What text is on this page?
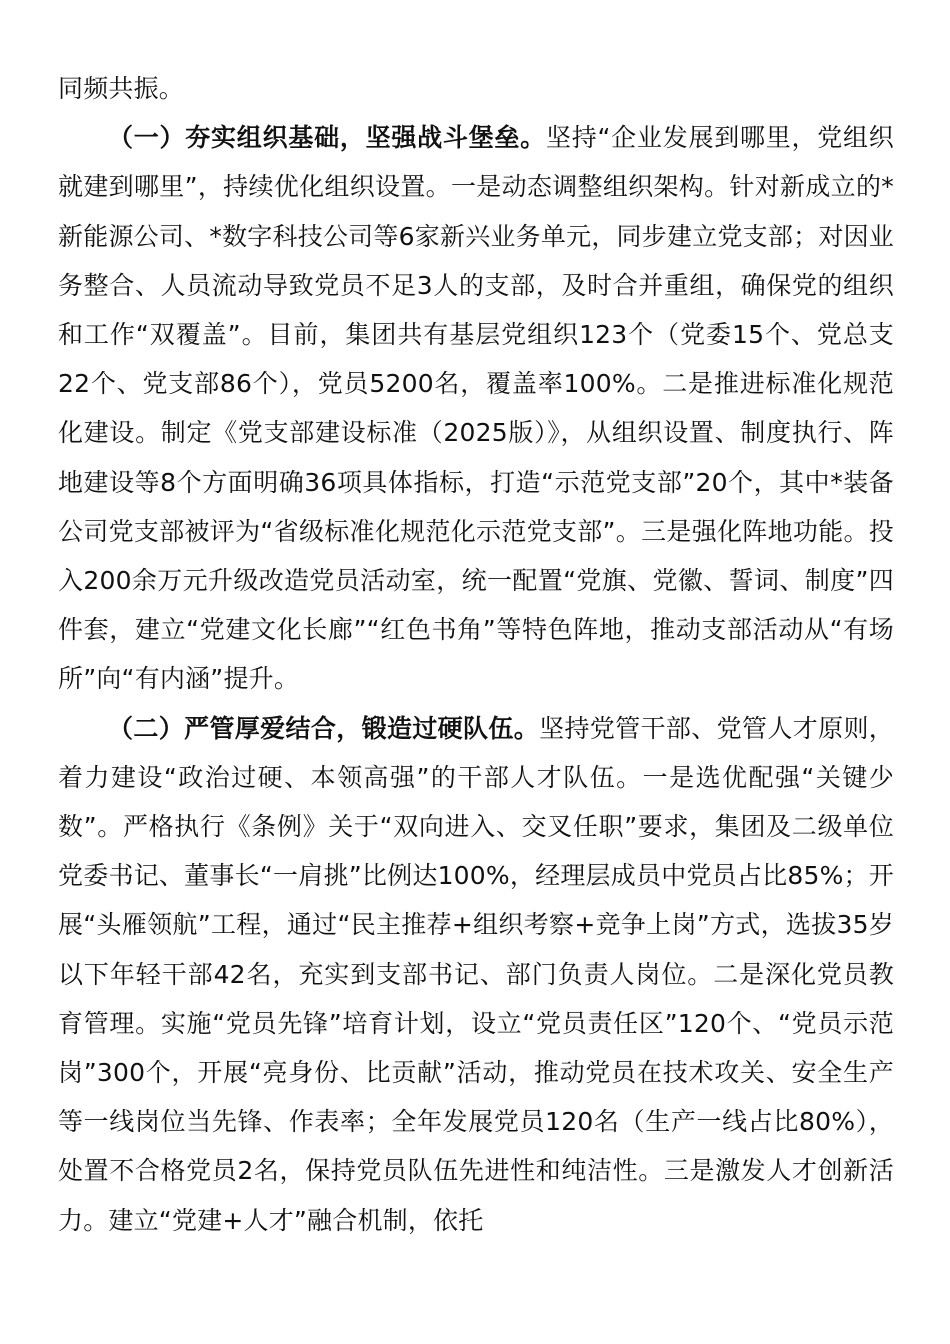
同频共振。

（一）夯实组织基础，坚强战斗堡垒。坚持“企业发展到哪里，党组织就建到哪里”，持续优化组织设置。一是动态调整组织架构。针对新成立的*新能源公司、*数字科技公司等6家新兴业务单元，同步建立党支部；对因业务整合、人员流动导致党员不足3人的支部，及时合并重组，确保党的组织和工作“双覆盖”。目前，集团共有基层党组织123个（党委15个、党总支22个、党支部86个），党员5200名，覆盖率100%。二是推进标准化规范化建设。制定《党支部建设标准（2025版）》，从组织设置、制度执行、阵地建设等8个方面明确36项具体指标，打造“示范党支部”20个，其中*装备公司党支部被评为“省级标准化规范化示范党支部”。三是强化阵地功能。投入200余万元升级改造党员活动室，统一配置“党旗、党徽、誓词、制度”四件套，建立“党建文化长廊”“红色书角”等特色阵地，推动支部活动从“有场所”向“有内涵”提升。

（二）严管厚爱结合，锻造过硬队伍。坚持党管干部、党管人才原则，着力建设“政治过硬、本领高强”的干部人才队伍。一是选优配强“关键少数”。严格执行《条例》关于“双向进入、交叉任职”要求，集团及二级单位党委书记、董事长“一肩挑”比例达100%，经理层成员中党员占比85%；开展“头雁领航”工程，通过“民主推荐+组织考察+竞争上岗”方式，选拔35岁以下年轻干部42名，充实到支部书记、部门负责人岗位。二是深化党员教育管理。实施“党员先锋”培育计划，设立“党员责任区”120个、“党员示范岗”300个，开展“亮身份、比贡献”活动，推动党员在技术攻关、安全生产等一线岗位当先锋、作表率；全年发展党员120名（生产一线占比80%），处置不合格党员2名，保持党员队伍先进性和纯洁性。三是激发人才创新活力。建立“党建+人才”融合机制，依托
